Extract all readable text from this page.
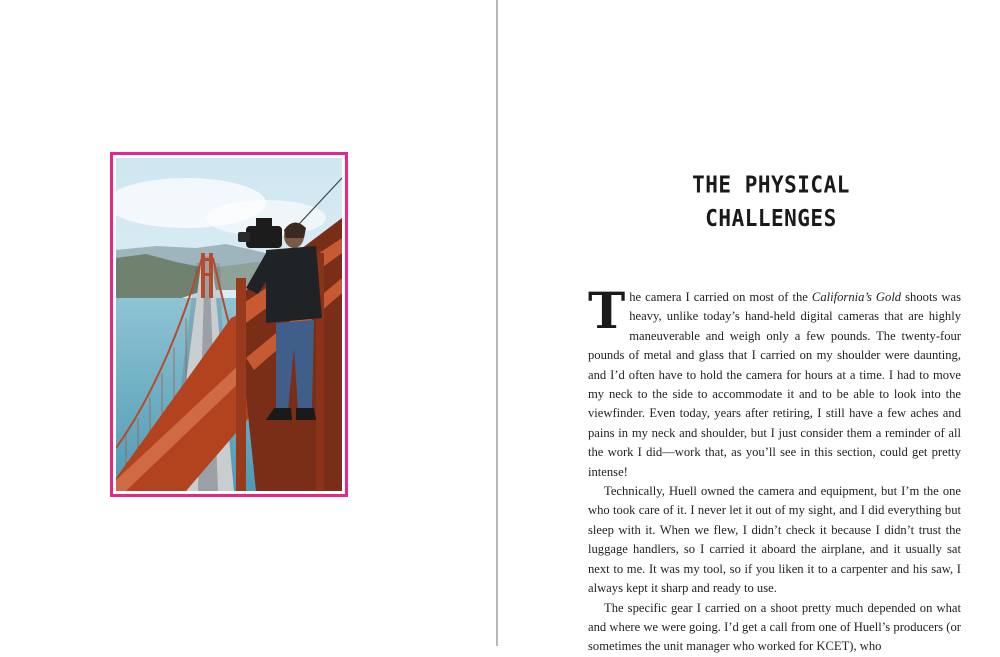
THE PHYSICAL
CHALLENGES

The camera I carried on most of the California’s Gold shoots was heavy, unlike today’s hand-held digital cameras that are highly maneuverable and weigh only a few pounds. The twenty-four pounds of metal and glass that I carried on my shoulder were daunting, and I’d often have to hold the camera for hours at a time. I had to move my neck to the side to accommodate it and to be able to look into the viewfinder. Even today, years after retiring, I still have a few aches and pains in my neck and shoulder, but I just consider them a reminder of all the work I did—work that, as you’ll see in this section, could get pretty intense!

Technically, Huell owned the camera and equipment, but I’m the one who took care of it. I never let it out of my sight, and I did everything but sleep with it. When we flew, I didn’t check it because I didn’t trust the luggage handlers, so I carried it aboard the airplane, and it usually sat next to me. It was my tool, so if you liken it to a carpenter and his saw, I always kept it sharp and ready to use.

The specific gear I carried on a shoot pretty much depended on what and where we were going. I’d get a call from one of Huell’s producers (or sometimes the unit manager who worked for KCET), who
